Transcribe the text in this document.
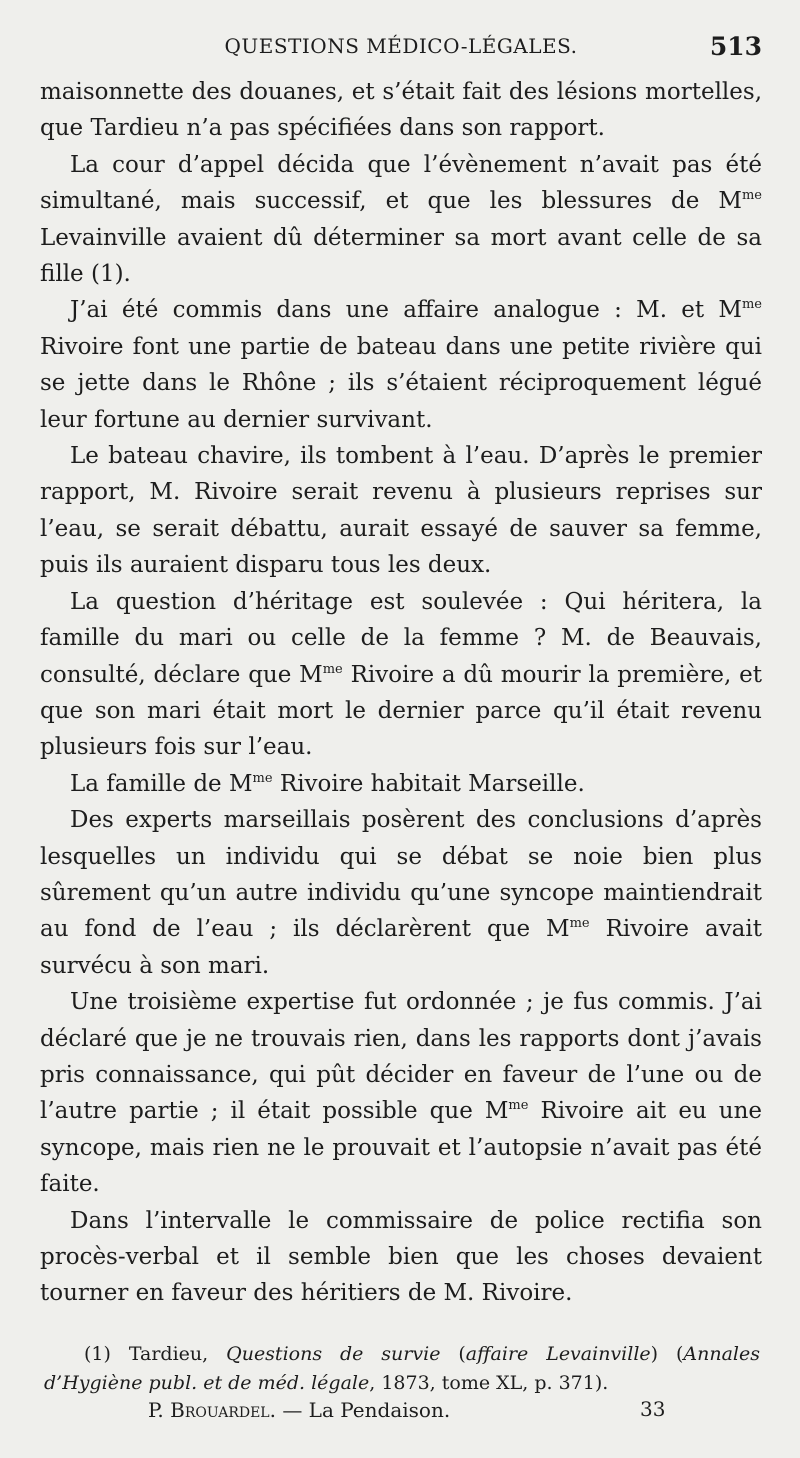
QUESTIONS MÉDICO-LÉGALES.	513

maisonnette des douanes, et s’était fait des lésions mortelles, que Tardieu n’a pas spécifiées dans son rapport.

La cour d’appel décida que l’évènement n’avait pas été simultané, mais successif, et que les blessures de $M^{me}$ Levainville avaient dû déterminer sa mort avant celle de sa fille (1).

J’ai été commis dans une affaire analogue : M. et $M^{me}$ Rivoire font une partie de bateau dans une petite rivière qui se jette dans le Rhône ; ils s’étaient réciproquement légué leur fortune au dernier survivant.

Le bateau chavire, ils tombent à l’eau. D’après le premier rapport, M. Rivoire serait revenu à plusieurs reprises sur l’eau, se serait débattu, aurait essayé de sauver sa femme, puis ils auraient disparu tous les deux.

La question d’héritage est soulevée : Qui héritera, la famille du mari ou celle de la femme ? M. de Beauvais, consulté, déclare que $M^{me}$ Rivoire a dû mourir la première, et que son mari était mort le dernier parce qu’il était revenu plusieurs fois sur l’eau.

La famille de $M^{me}$ Rivoire habitait Marseille.

Des experts marseillais posèrent des conclusions d’après lesquelles un individu qui se débat se noie bien plus sûrement qu’un autre individu qu’une syncope maintiendrait au fond de l’eau ; ils déclarèrent que $M^{me}$ Rivoire avait survécu à son mari.

Une troisième expertise fut ordonnée ; je fus commis. J’ai déclaré que je ne trouvais rien, dans les rapports dont j’avais pris connaissance, qui pût décider en faveur de l’une ou de l’autre partie ; il était possible que $M^{me}$ Rivoire ait eu une syncope, mais rien ne le prouvait et l’autopsie n’avait pas été faite.

Dans l’intervalle le commissaire de police rectifia son procès-verbal et il semble bien que les choses devaient tourner en faveur des héritiers de M. Rivoire.

(1) Tardieu, Questions de survie (affaire Levainville) (Annales d’Hygiène publ. et de méd. légale, 1873, tome XL, p. 371).

P. Brouardel. — La Pendaison.	33
